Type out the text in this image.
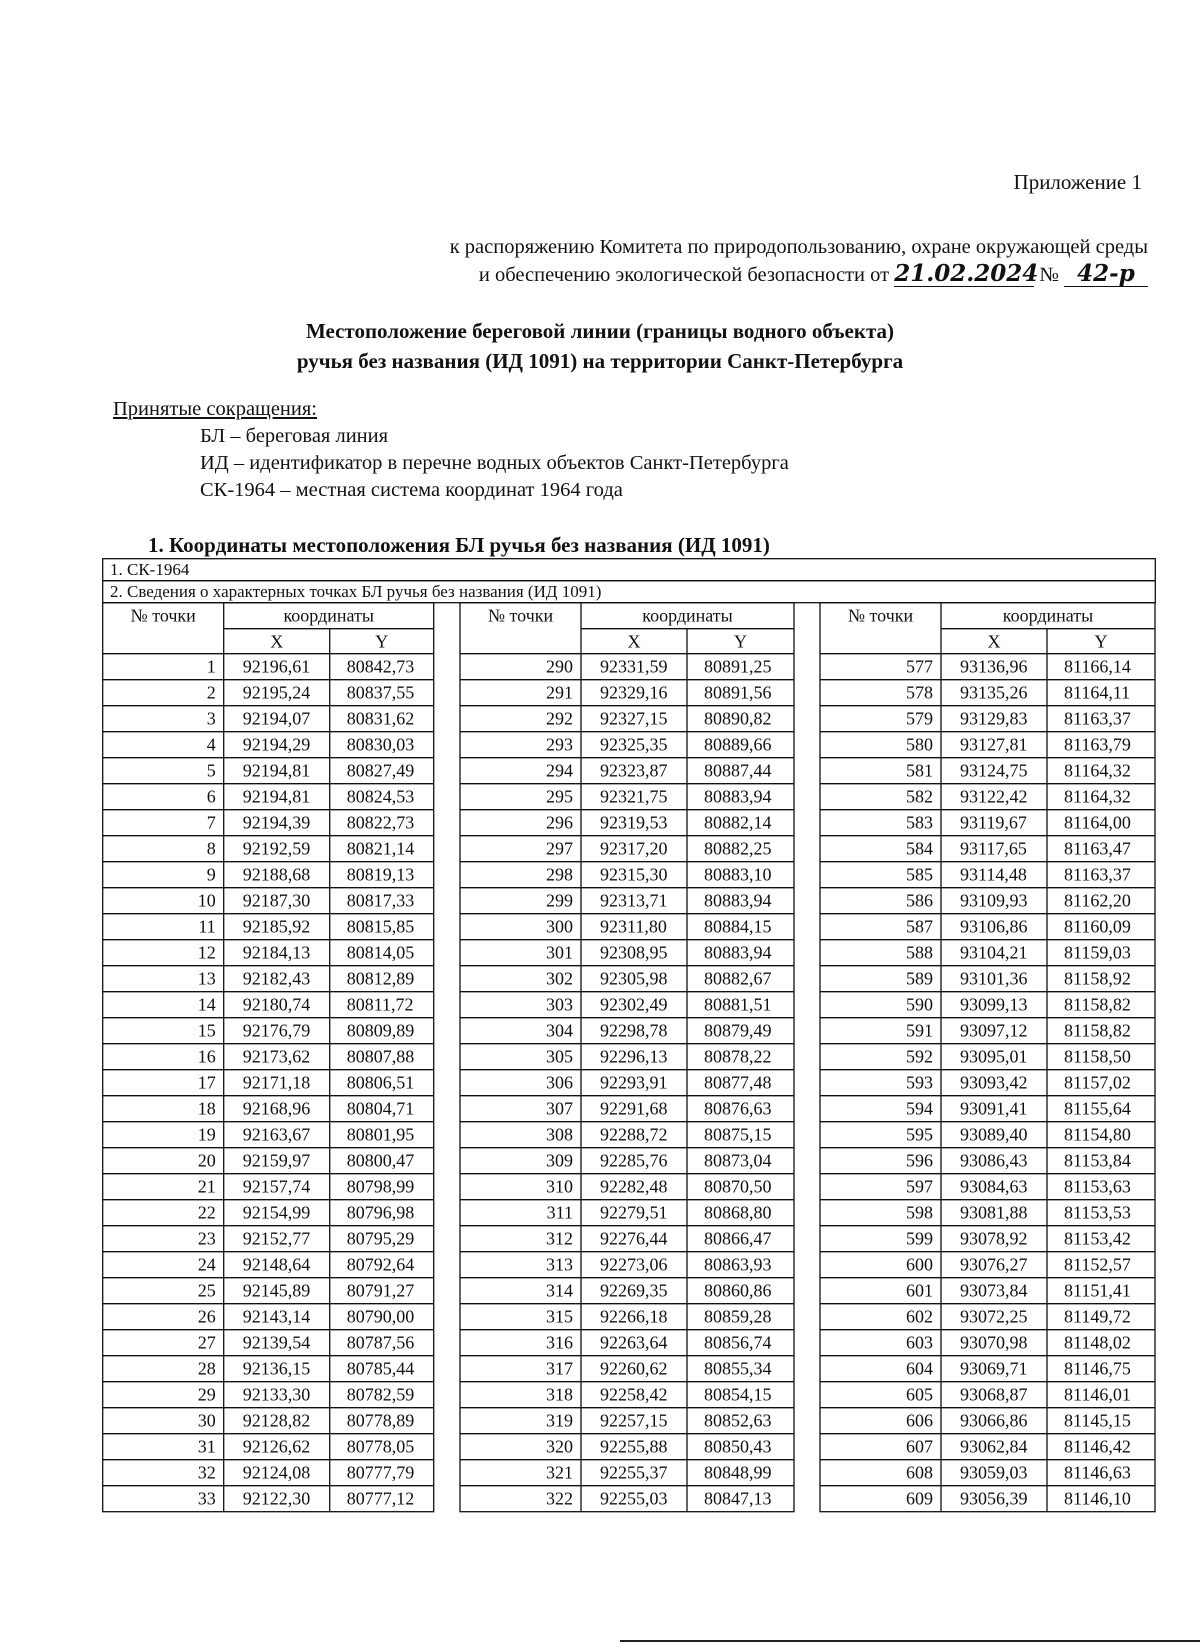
Приложение 1
к распоряжению Комитета по природопользованию, охране окружающей среды
и обеспечению экологической безопасности от 21.02.2024 № 42-р
Местоположение береговой линии (границы водного объекта)
ручья без названия (ИД 1091) на территории Санкт-Петербурга
Принятые сокращения:
БЛ – береговая линия
ИД – идентификатор в перечне водных объектов Санкт-Петербурга
СК-1964 – местная система координат 1964 года
1. Координаты местоположения БЛ ручья без названия (ИД 1091)
1. СК-1964
2. Сведения о характерных точках БЛ ручья без названия (ИД 1091)
№ точки	координаты
X	Y
1 92196,61 80842,73
2 92195,24 80837,55
3 92194,07 80831,62
4 92194,29 80830,03
5 92194,81 80827,49
6 92194,81 80824,53
7 92194,39 80822,73
8 92192,59 80821,14
9 92188,68 80819,13
10 92187,30 80817,33
11 92185,92 80815,85
12 92184,13 80814,05
13 92182,43 80812,89
14 92180,74 80811,72
15 92176,79 80809,89
16 92173,62 80807,88
17 92171,18 80806,51
18 92168,96 80804,71
19 92163,67 80801,95
20 92159,97 80800,47
21 92157,74 80798,99
22 92154,99 80796,98
23 92152,77 80795,29
24 92148,64 80792,64
25 92145,89 80791,27
26 92143,14 80790,00
27 92139,54 80787,56
28 92136,15 80785,44
29 92133,30 80782,59
30 92128,82 80778,89
31 92126,62 80778,05
32 92124,08 80777,79
33 92122,30 80777,12
№ точки	координаты
X	Y
290 92331,59 80891,25
291 92329,16 80891,56
292 92327,15 80890,82
293 92325,35 80889,66
294 92323,87 80887,44
295 92321,75 80883,94
296 92319,53 80882,14
297 92317,20 80882,25
298 92315,30 80883,10
299 92313,71 80883,94
300 92311,80 80884,15
301 92308,95 80883,94
302 92305,98 80882,67
303 92302,49 80881,51
304 92298,78 80879,49
305 92296,13 80878,22
306 92293,91 80877,48
307 92291,68 80876,63
308 92288,72 80875,15
309 92285,76 80873,04
310 92282,48 80870,50
311 92279,51 80868,80
312 92276,44 80866,47
313 92273,06 80863,93
314 92269,35 80860,86
315 92266,18 80859,28
316 92263,64 80856,74
317 92260,62 80855,34
318 92258,42 80854,15
319 92257,15 80852,63
320 92255,88 80850,43
321 92255,37 80848,99
322 92255,03 80847,13
№ точки	координаты
X	Y
577 93136,96 81166,14
578 93135,26 81164,11
579 93129,83 81163,37
580 93127,81 81163,79
581 93124,75 81164,32
582 93122,42 81164,32
583 93119,67 81164,00
584 93117,65 81163,47
585 93114,48 81163,37
586 93109,93 81162,20
587 93106,86 81160,09
588 93104,21 81159,03
589 93101,36 81158,92
590 93099,13 81158,82
591 93097,12 81158,82
592 93095,01 81158,50
593 93093,42 81157,02
594 93091,41 81155,64
595 93089,40 81154,80
596 93086,43 81153,84
597 93084,63 81153,63
598 93081,88 81153,53
599 93078,92 81153,42
600 93076,27 81152,57
601 93073,84 81151,41
602 93072,25 81149,72
603 93070,98 81148,02
604 93069,71 81146,75
605 93068,87 81146,01
606 93066,86 81145,15
607 93062,84 81146,42
608 93059,03 81146,63
609 93056,39 81146,10
